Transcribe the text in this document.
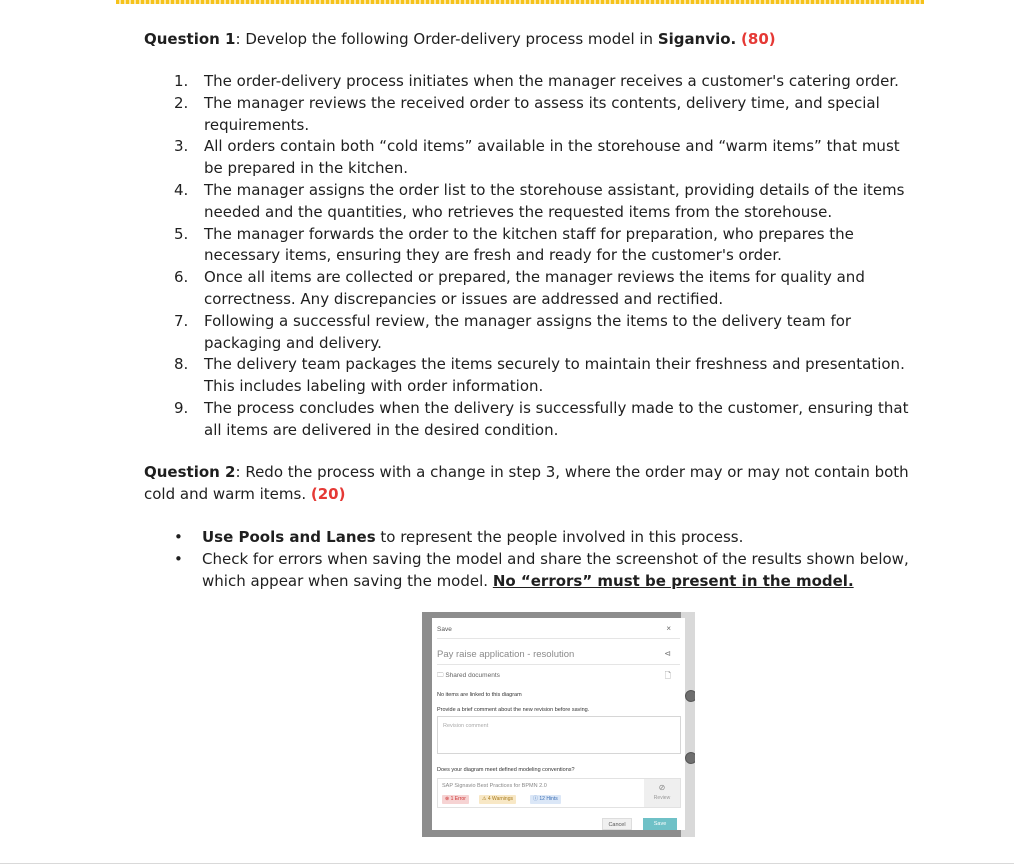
Question 1: Develop the following Order-delivery process model in Siganvio. (80)
1. The order-delivery process initiates when the manager receives a customer's catering order.
2. The manager reviews the received order to assess its contents, delivery time, and special requirements.
3. All orders contain both “cold items” available in the storehouse and “warm items” that must be prepared in the kitchen.
4. The manager assigns the order list to the storehouse assistant, providing details of the items needed and the quantities, who retrieves the requested items from the storehouse.
5. The manager forwards the order to the kitchen staff for preparation, who prepares the necessary items, ensuring they are fresh and ready for the customer's order.
6. Once all items are collected or prepared, the manager reviews the items for quality and correctness. Any discrepancies or issues are addressed and rectified.
7. Following a successful review, the manager assigns the items to the delivery team for packaging and delivery.
8. The delivery team packages the items securely to maintain their freshness and presentation. This includes labeling with order information.
9. The process concludes when the delivery is successfully made to the customer, ensuring that all items are delivered in the desired condition.
Question 2: Redo the process with a change in step 3, where the order may or may not contain both cold and warm items. (20)
• Use Pools and Lanes to represent the people involved in this process.
• Check for errors when saving the model and share the screenshot of the results shown below, which appear when saving the model. No “errors” must be present in the model.
Save	×
Pay raise application - resolution	⊲
🗀 Shared documents	🗋
No items are linked to this diagram
Provide a brief comment about the new revision before saving.
Revision comment
Does your diagram meet defined modeling conventions?
SAP Signavio Best Practices for BPMN 2.0
⊗ 1 Error	⚠ 4 Warnings	ⓘ 12 Hints
⊘
Review
Cancel	Save
